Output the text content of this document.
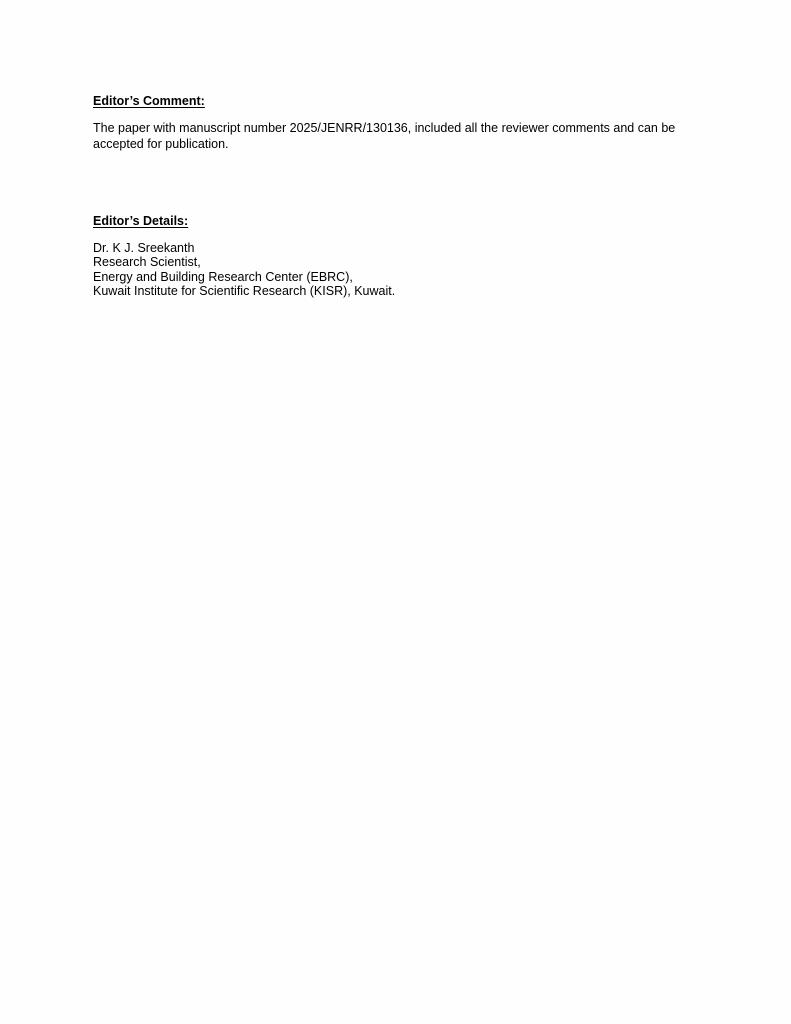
Editor’s Comment:

The paper with manuscript number 2025/JENRR/130136, included all the reviewer comments and can be accepted for publication.

Editor’s Details:
Dr. K J. Sreekanth
Research Scientist,
Energy and Building Research Center (EBRC),
Kuwait Institute for Scientific Research (KISR), Kuwait.
